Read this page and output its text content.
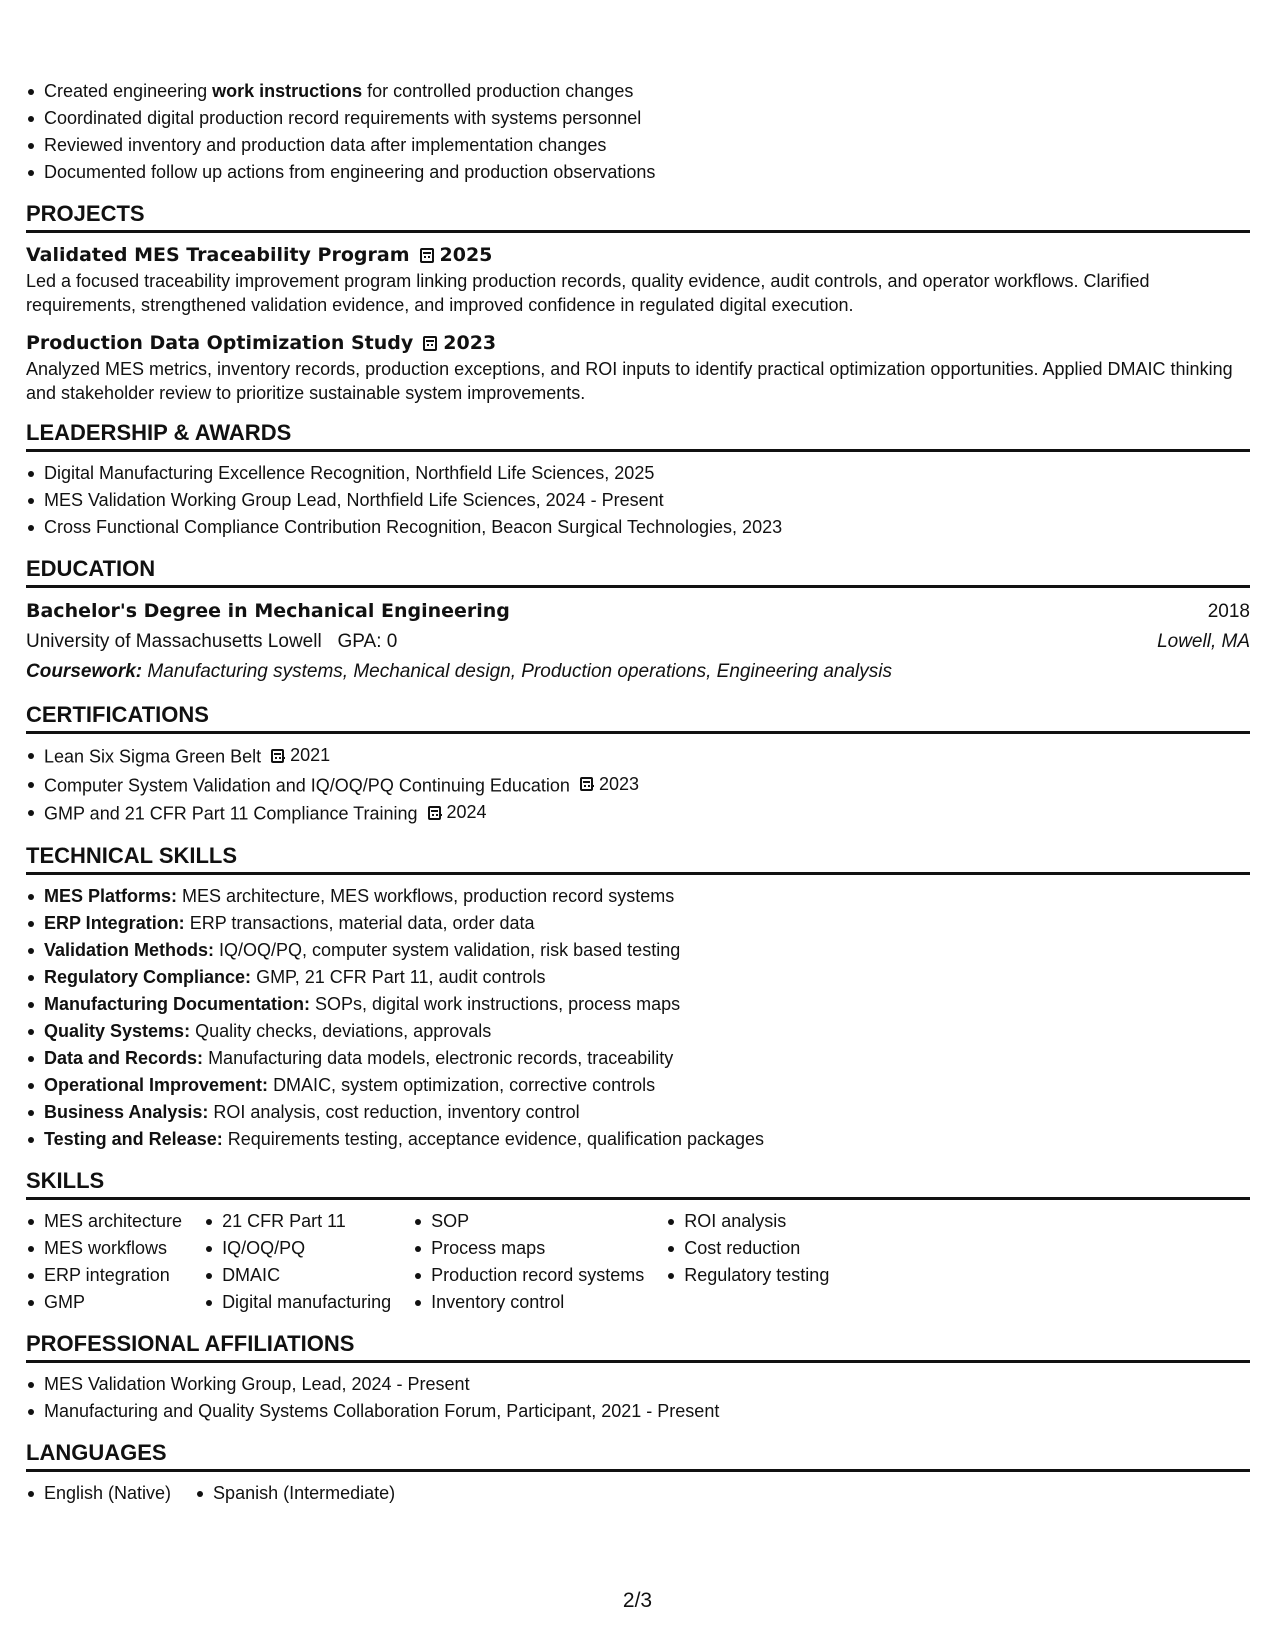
Created engineering work instructions for controlled production changes
Coordinated digital production record requirements with systems personnel
Reviewed inventory and production data after implementation changes
Documented follow up actions from engineering and production observations
PROJECTS
Validated MES Traceability Program 2025
Led a focused traceability improvement program linking production records, quality evidence, audit controls, and operator workflows. Clarified requirements, strengthened validation evidence, and improved confidence in regulated digital execution.
Production Data Optimization Study 2023
Analyzed MES metrics, inventory records, production exceptions, and ROI inputs to identify practical optimization opportunities. Applied DMAIC thinking and stakeholder review to prioritize sustainable system improvements.
LEADERSHIP & AWARDS
Digital Manufacturing Excellence Recognition, Northfield Life Sciences, 2025
MES Validation Working Group Lead, Northfield Life Sciences, 2024 - Present
Cross Functional Compliance Contribution Recognition, Beacon Surgical Technologies, 2023
EDUCATION
Bachelor's Degree in Mechanical Engineering	2018
University of Massachusetts Lowell GPA: 0	Lowell, MA
Coursework: Manufacturing systems, Mechanical design, Production operations, Engineering analysis
CERTIFICATIONS
Lean Six Sigma Green Belt 2021
Computer System Validation and IQ/OQ/PQ Continuing Education 2023
GMP and 21 CFR Part 11 Compliance Training 2024
TECHNICAL SKILLS
MES Platforms: MES architecture, MES workflows, production record systems
ERP Integration: ERP transactions, material data, order data
Validation Methods: IQ/OQ/PQ, computer system validation, risk based testing
Regulatory Compliance: GMP, 21 CFR Part 11, audit controls
Manufacturing Documentation: SOPs, digital work instructions, process maps
Quality Systems: Quality checks, deviations, approvals
Data and Records: Manufacturing data models, electronic records, traceability
Operational Improvement: DMAIC, system optimization, corrective controls
Business Analysis: ROI analysis, cost reduction, inventory control
Testing and Release: Requirements testing, acceptance evidence, qualification packages
SKILLS
MES architecture
MES workflows
ERP integration
GMP
21 CFR Part 11
IQ/OQ/PQ
DMAIC
Digital manufacturing
SOP
Process maps
Production record systems
Inventory control
ROI analysis
Cost reduction
Regulatory testing
PROFESSIONAL AFFILIATIONS
MES Validation Working Group, Lead, 2024 - Present
Manufacturing and Quality Systems Collaboration Forum, Participant, 2021 - Present
LANGUAGES
English (Native) Spanish (Intermediate)
2/3
